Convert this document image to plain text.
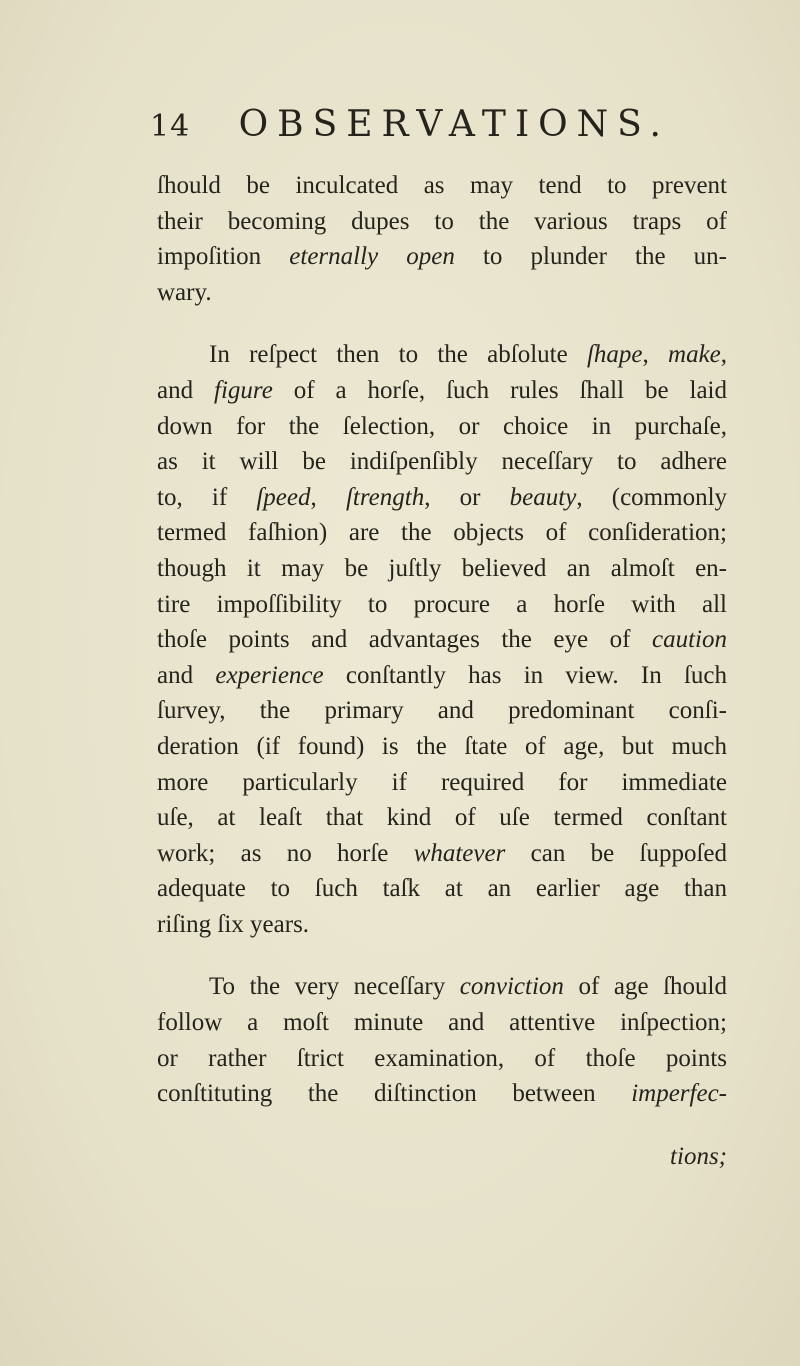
14	OBSERVATIONS.
ſhould be inculcated as may tend to prevent
their becoming dupes to the various traps of
impoſition eternally open to plunder the un-
wary.
In reſpect then to the abſolute ſhape, make,
and figure of a horſe, ſuch rules ſhall be laid
down for the ſelection, or choice in purchaſe,
as it will be indiſpenſibly neceſſary to adhere
to, if ſpeed, ſtrength, or beauty, (commonly
termed faſhion) are the objects of conſideration;
though it may be juſtly believed an almoſt en-
tire impoſſibility to procure a horſe with all
thoſe points and advantages the eye of caution
and experience conſtantly has in view. In ſuch
ſurvey, the primary and predominant conſi-
deration (if found) is the ſtate of age, but much
more particularly if required for immediate
uſe, at leaſt that kind of uſe termed conſtant
work; as no horſe whatever can be ſuppoſed
adequate to ſuch taſk at an earlier age than
riſing ſix years.
To the very neceſſary conviction of age ſhould
follow a moſt minute and attentive inſpection;
or rather ſtrict examination, of thoſe points
conſtituting the diſtinction between imperfec-
tions;
